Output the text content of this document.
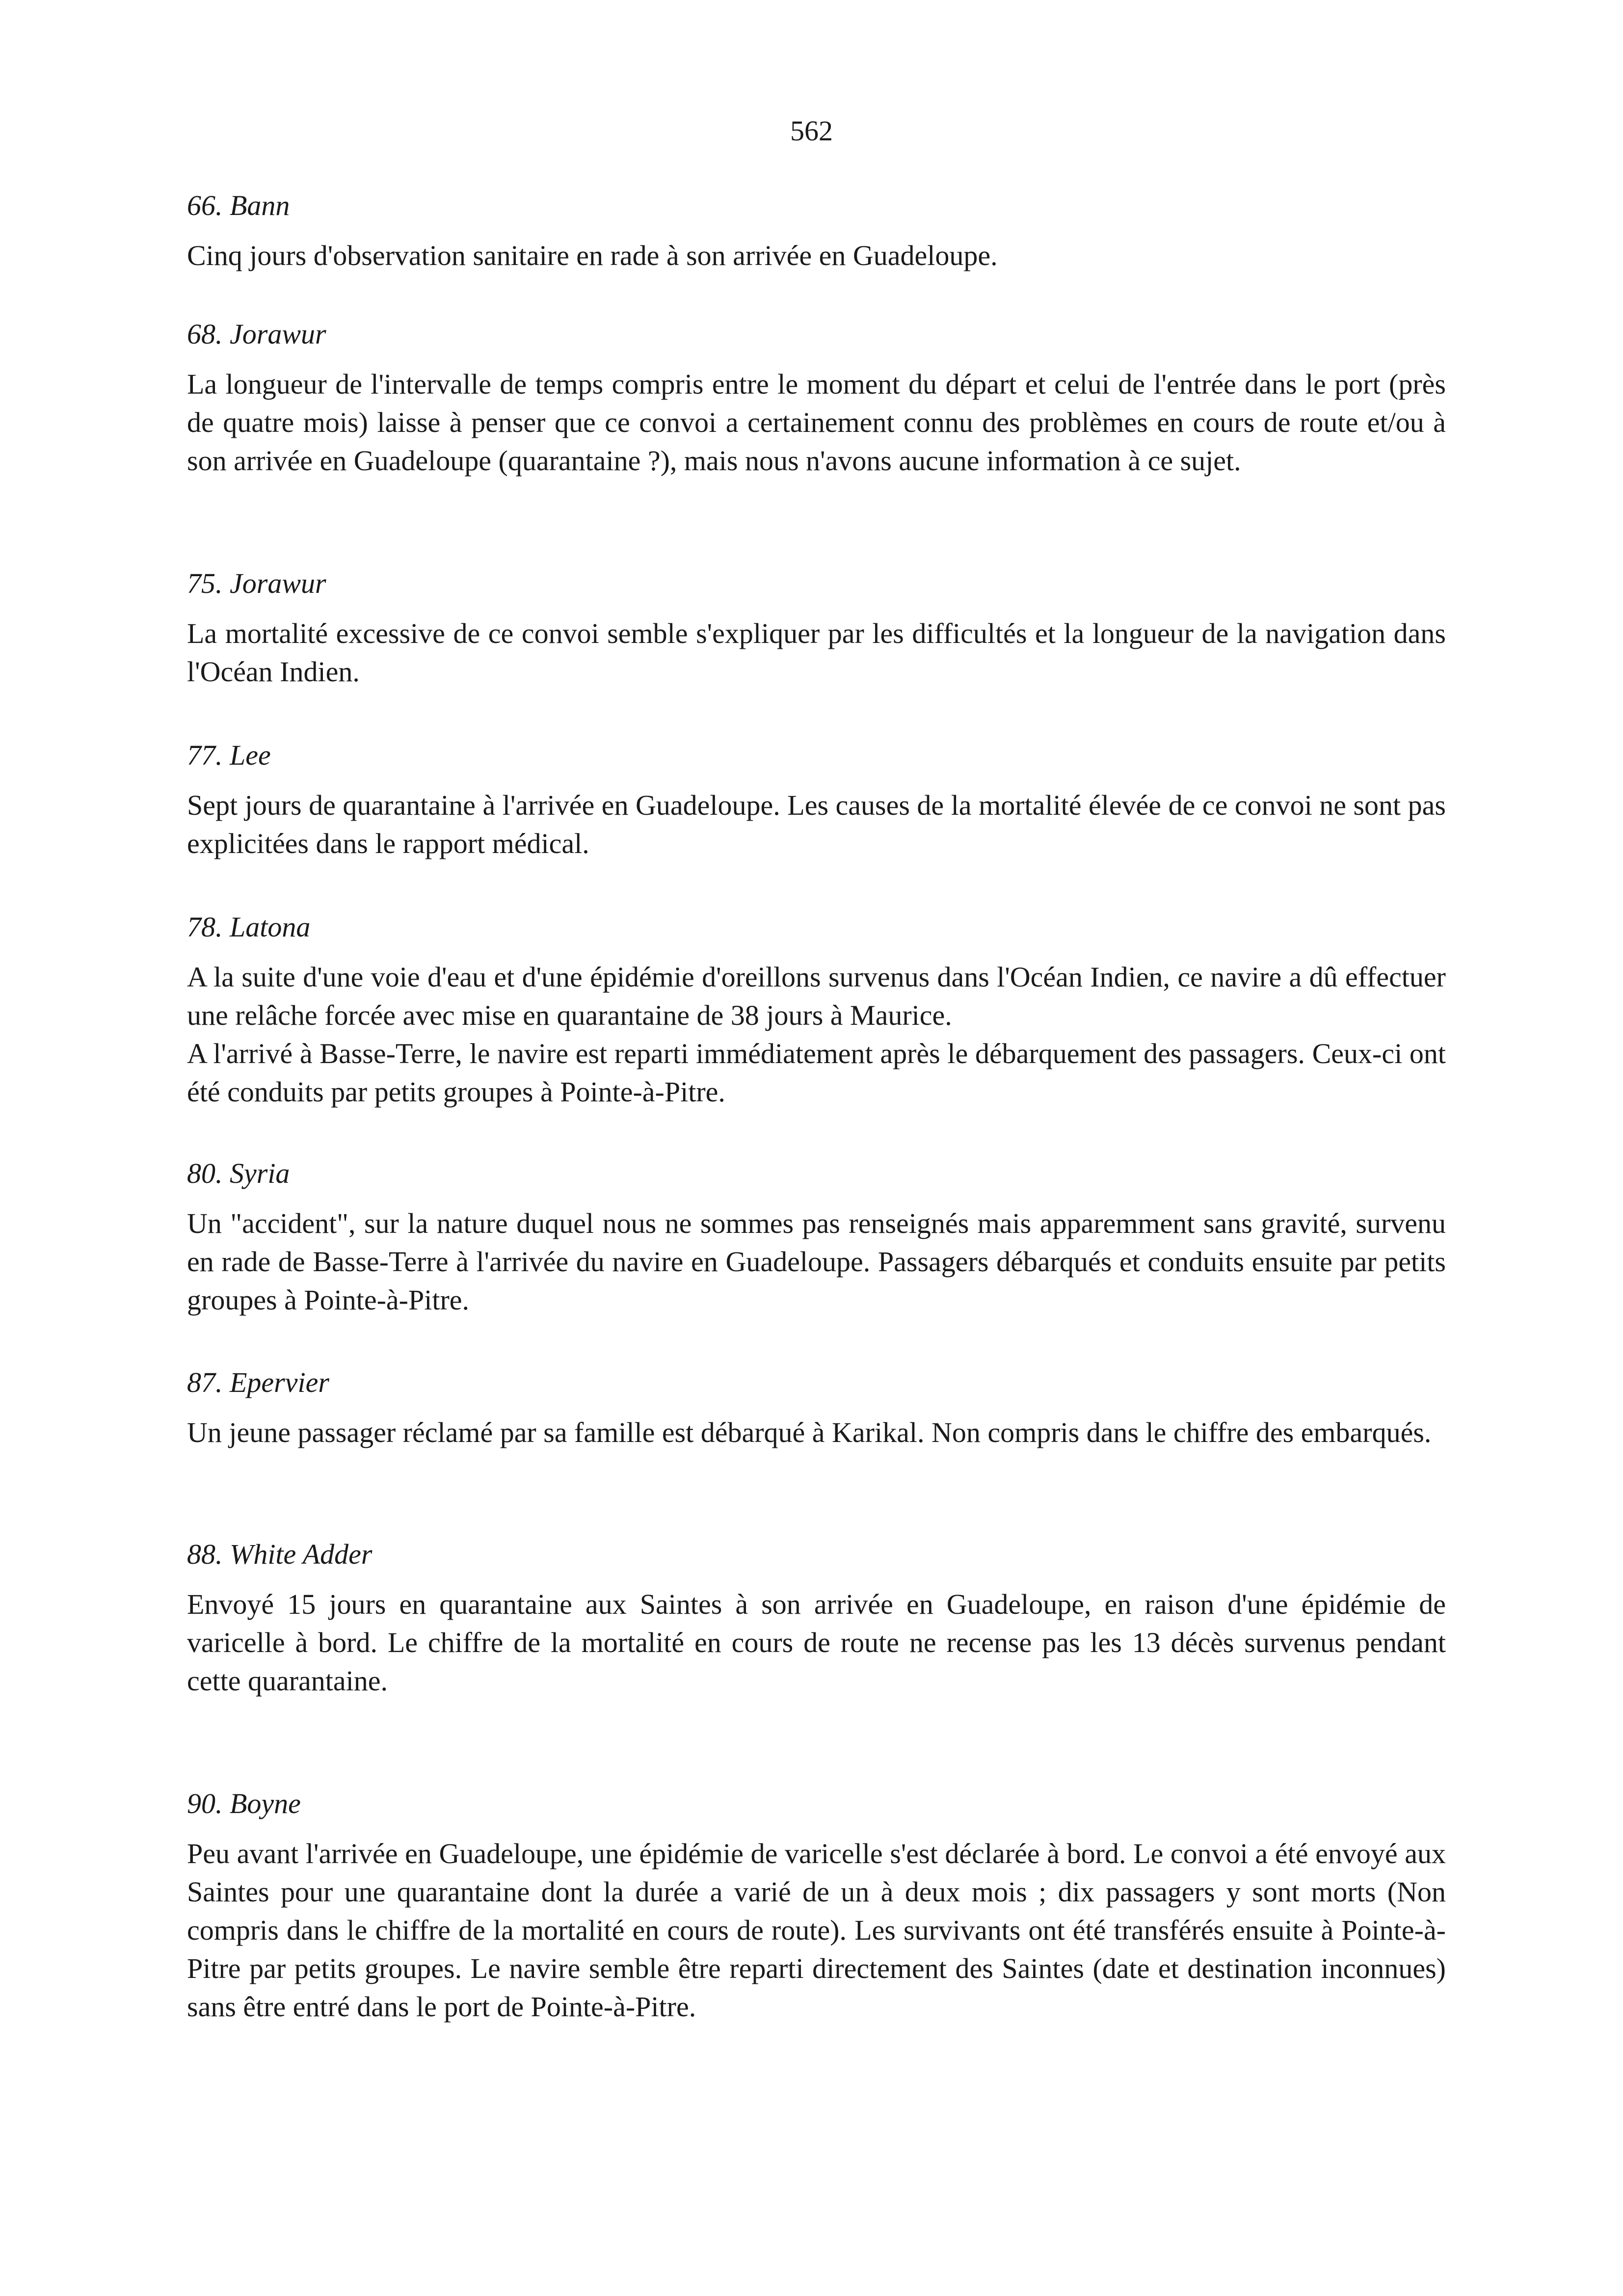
562
66. Bann

Cinq jours d'observation sanitaire en rade à son arrivée en Guadeloupe.

68. Jorawur

La longueur de l'intervalle de temps compris entre le moment du départ et celui de l'entrée dans le port (près de quatre mois) laisse à penser que ce convoi a certainement connu des problèmes en cours de route et/ou à son arrivée en Guadeloupe (quarantaine ?), mais nous n'avons aucune information à ce sujet.

75. Jorawur

La mortalité excessive de ce convoi semble s'expliquer par les difficultés et la longueur de la navigation dans l'Océan Indien.

77. Lee

Sept jours de quarantaine à l'arrivée en Guadeloupe. Les causes de la mortalité élevée de ce convoi ne sont pas explicitées dans le rapport médical.

78. Latona

A la suite d'une voie d'eau et d'une épidémie d'oreillons survenus dans l'Océan Indien, ce navire a dû effectuer une relâche forcée avec mise en quarantaine de 38 jours à Maurice.

A l'arrivé à Basse-Terre, le navire est reparti immédiatement après le débarquement des passagers. Ceux-ci ont été conduits par petits groupes à Pointe-à-Pitre.

80. Syria

Un "accident", sur la nature duquel nous ne sommes pas renseignés mais apparemment sans gravité, survenu en rade de Basse-Terre à l'arrivée du navire en Guadeloupe. Passagers débarqués et conduits ensuite par petits groupes à Pointe-à-Pitre.

87. Epervier

Un jeune passager réclamé par sa famille est débarqué à Karikal. Non compris dans le chiffre des embarqués.

88. White Adder

Envoyé 15 jours en quarantaine aux Saintes à son arrivée en Guadeloupe, en raison d'une épidémie de varicelle à bord. Le chiffre de la mortalité en cours de route ne recense pas les 13 décès survenus pendant cette quarantaine.

90. Boyne

Peu avant l'arrivée en Guadeloupe, une épidémie de varicelle s'est déclarée à bord. Le convoi a été envoyé aux Saintes pour une quarantaine dont la durée a varié de un à deux mois ; dix passagers y sont morts (Non compris dans le chiffre de la mortalité en cours de route). Les survivants ont été transférés ensuite à Pointe-à-Pitre par petits groupes. Le navire semble être reparti directement des Saintes (date et destination inconnues) sans être entré dans le port de Pointe-à-Pitre.
